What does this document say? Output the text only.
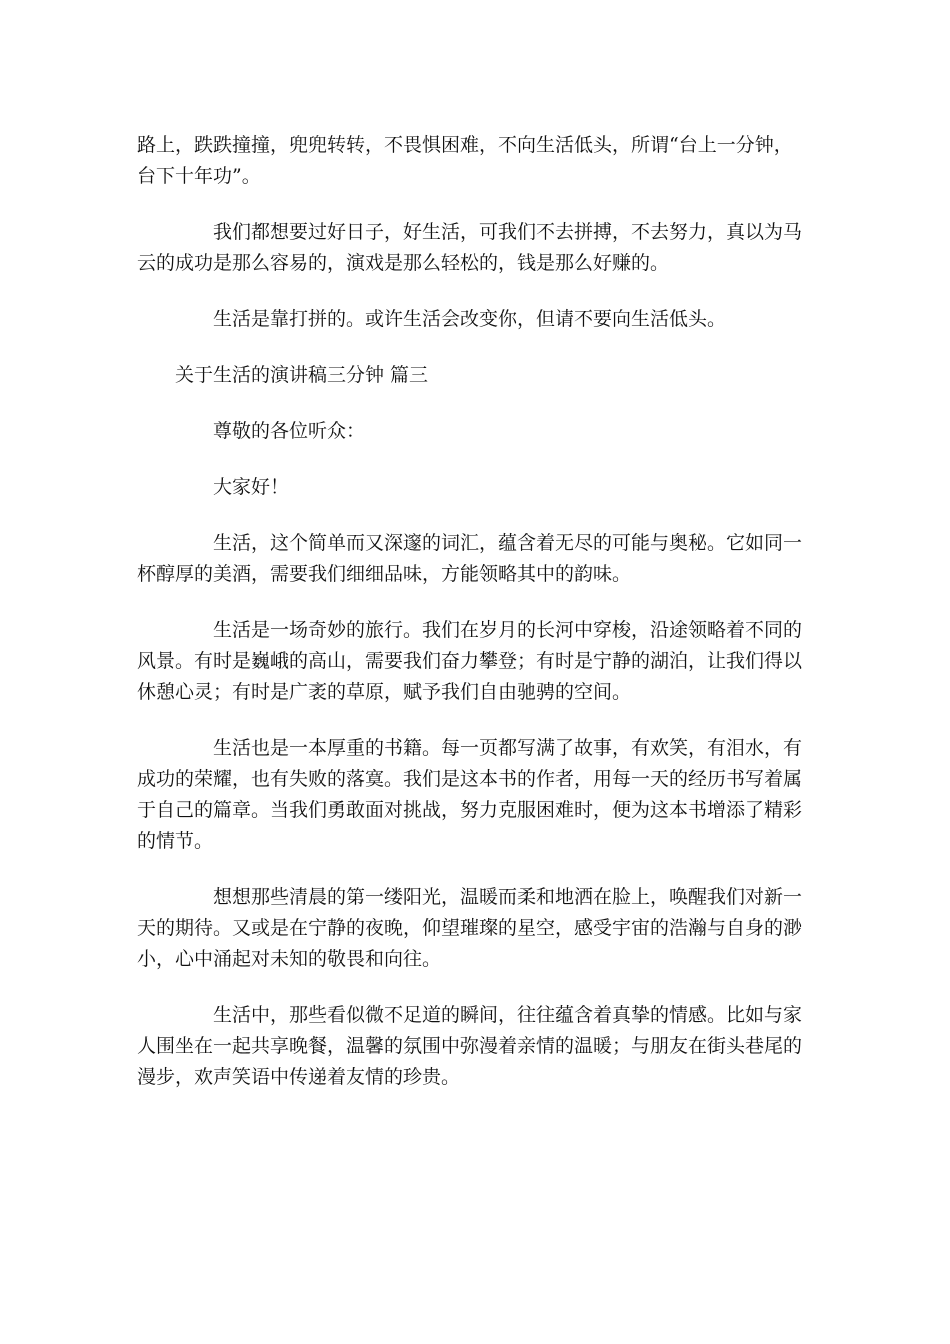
路上，跌跌撞撞，兜兜转转，不畏惧困难，不向生活低头，所谓“台上一分钟，
台下十年功”。

我们都想要过好日子，好生活，可我们不去拼搏，不去努力，真以为马
云的成功是那么容易的，演戏是那么轻松的，钱是那么好赚的。

生活是靠打拼的。或许生活会改变你，但请不要向生活低头。

关于生活的演讲稿三分钟 篇三

尊敬的各位听众：

大家好！

生活，这个简单而又深邃的词汇，蕴含着无尽的可能与奥秘。它如同一
杯醇厚的美酒，需要我们细细品味，方能领略其中的韵味。

生活是一场奇妙的旅行。我们在岁月的长河中穿梭，沿途领略着不同的
风景。有时是巍峨的高山，需要我们奋力攀登；有时是宁静的湖泊，让我们得以
休憩心灵；有时是广袤的草原，赋予我们自由驰骋的空间。

生活也是一本厚重的书籍。每一页都写满了故事，有欢笑，有泪水，有
成功的荣耀，也有失败的落寞。我们是这本书的作者，用每一天的经历书写着属
于自己的篇章。当我们勇敢面对挑战，努力克服困难时，便为这本书增添了精彩
的情节。

想想那些清晨的第一缕阳光，温暖而柔和地洒在脸上，唤醒我们对新一
天的期待。又或是在宁静的夜晚，仰望璀璨的星空，感受宇宙的浩瀚与自身的渺
小，心中涌起对未知的敬畏和向往。

生活中，那些看似微不足道的瞬间，往往蕴含着真挚的情感。比如与家
人围坐在一起共享晚餐，温馨的氛围中弥漫着亲情的温暖；与朋友在街头巷尾的
漫步，欢声笑语中传递着友情的珍贵。
